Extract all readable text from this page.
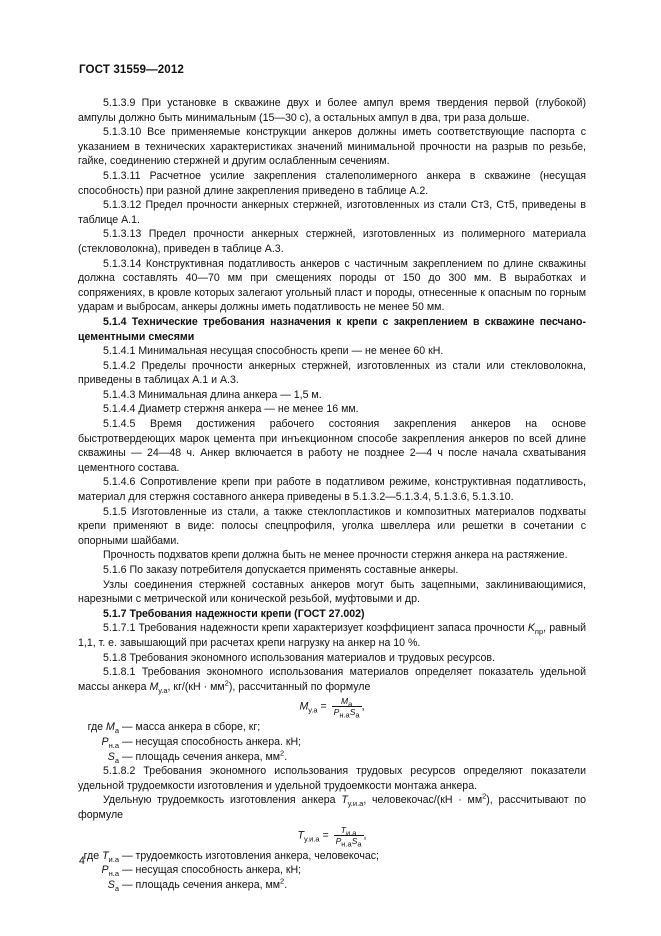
ГОСТ 31559—2012

5.1.3.9 При установке в скважине двух и более ампул время твердения первой (глубокой) ампулы должно быть минимальным (15—30 с), а остальных ампул в два, три раза дольше.

5.1.3.10 Все применяемые конструкции анкеров должны иметь соответствующие паспорта с указанием в технических характеристиках значений минимальной прочности на разрыв по резьбе, гайке, соединению стержней и другим ослабленным сечениям.

5.1.3.11 Расчетное усилие закрепления сталеполимерного анкера в скважине (несущая способность) при разной длине закрепления приведено в таблице А.2.

5.1.3.12 Предел прочности анкерных стержней, изготовленных из стали Ст3, Ст5, приведены в таблице А.1.

5.1.3.13 Предел прочности анкерных стержней, изготовленных из полимерного материала (стекловолокна), приведен в таблице А.3.

5.1.3.14 Конструктивная податливость анкеров с частичным закреплением по длине скважины должна составлять 40—70 мм при смещениях породы от 150 до 300 мм. В выработках и сопряжениях, в кровле которых залегают угольный пласт и породы, отнесенные к опасным по горным ударам и выбросам, анкеры должны иметь податливость не менее 50 мм.

5.1.4 Технические требования назначения к крепи с закреплением в скважине песчано-цементными смесями

5.1.4.1 Минимальная несущая способность крепи — не менее 60 кН.

5.1.4.2 Пределы прочности анкерных стержней, изготовленных из стали или стекловолокна, приведены в таблицах А.1 и А.3.

5.1.4.3 Минимальная длина анкера — 1,5 м.

5.1.4.4 Диаметр стержня анкера — не менее 16 мм.

5.1.4.5 Время достижения рабочего состояния закрепления анкеров на основе быстротвердеющих марок цемента при инъекционном способе закрепления анкеров по всей длине скважины — 24—48 ч. Анкер включается в работу не позднее 2—4 ч после начала схватывания цементного состава.

5.1.4.6 Сопротивление крепи при работе в податливом режиме, конструктивная податливость, материал для стержня составного анкера приведены в 5.1.3.2—5.1.3.4, 5.1.3.6, 5.1.3.10.

5.1.5 Изготовленные из стали, а также стеклопластиков и композитных материалов подхваты крепи применяют в виде: полосы спецпрофиля, уголка швеллера или решетки в сочетании с опорными шайбами.

Прочность подхватов крепи должна быть не менее прочности стержня анкера на растяжение.

5.1.6 По заказу потребителя допускается применять составные анкеры.

Узлы соединения стержней составных анкеров могут быть зацепными, заклинивающимися, нарезными с метрической или конической резьбой, муфтовыми и др.

5.1.7 Требования надежности крепи (ГОСТ 27.002)

5.1.7.1 Требования надежности крепи характеризует коэффициент запаса прочности $K_{пр}$, равный 1,1, т. е. завышающий при расчетах крепи нагрузку на анкер на 10 %.

5.1.8 Требования экономного использования материалов и трудовых ресурсов.

5.1.8.1 Требования экономного использования материалов определяет показатель удельной массы анкера $M_{у.а}$, $кг/(кН \cdot мм^2)$, рассчитанный по формуле

$M_{у.а} = \frac{M_a}{P_{н.а}S_a}$ ,
где $M_a$ — масса анкера в сборе, кг;
$P_{н.а}$ — несущая способность анкера. кН;
$S_a$ — площадь сечения анкера, $мм^2$.

5.1.8.2 Требования экономного использования трудовых ресурсов определяют показатели удельной трудоемкости изготовления и удельной трудоемкости монтажа анкера.

Удельную трудоемкость изготовления анкера $T_{у.и.а}$, человекочас/(кН · $мм^2$), рассчитывают по формуле

$T_{у.и.а} = \frac{T_{и.а}}{P_{н.а}S_a}$ ,
где $T_{и.а}$ — трудоемкость изготовления анкера, человекочас;
$P_{н.а}$ — несущая способность анкера, кН;
$S_a$ — площадь сечения анкера, $мм^2$.
4
